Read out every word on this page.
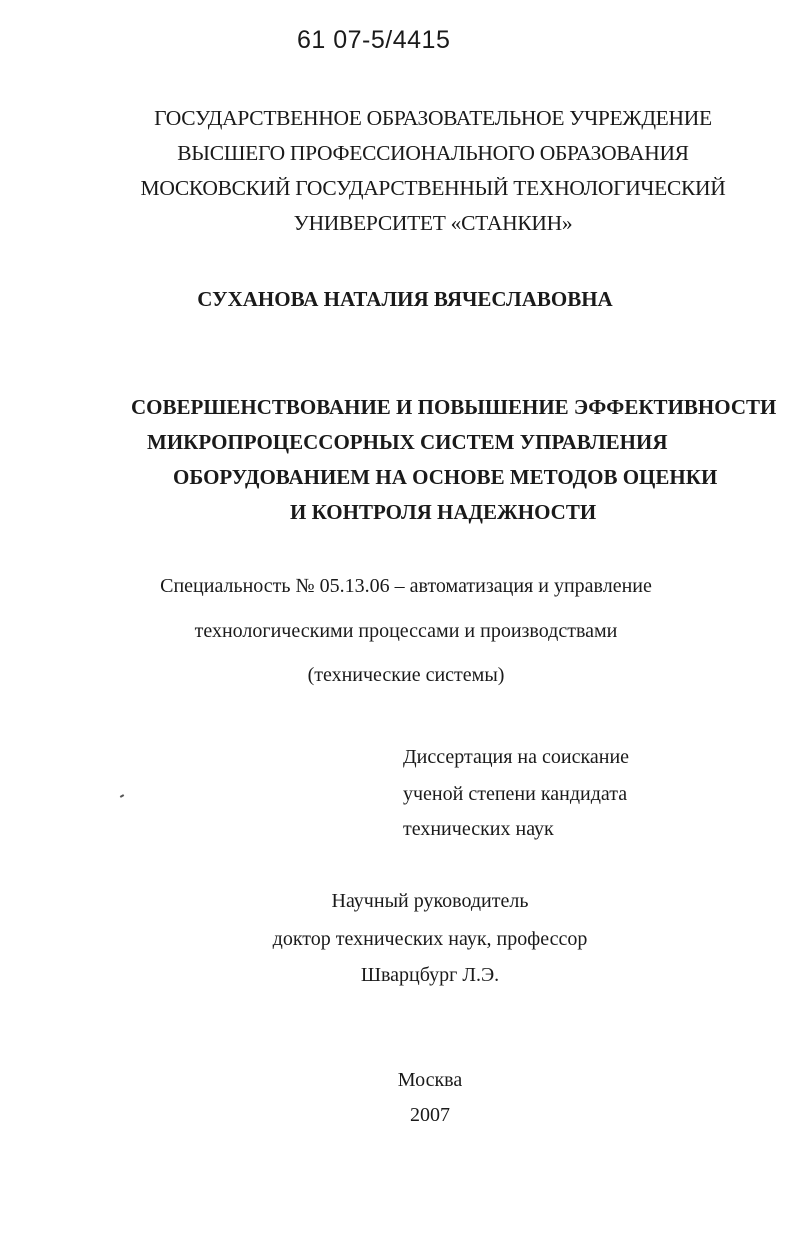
61 07-5/4415
ГОСУДАРСТВЕННОЕ ОБРАЗОВАТЕЛЬНОЕ УЧРЕЖДЕНИЕ
ВЫСШЕГО ПРОФЕССИОНАЛЬНОГО ОБРАЗОВАНИЯ
МОСКОВСКИЙ ГОСУДАРСТВЕННЫЙ ТЕХНОЛОГИЧЕСКИЙ
УНИВЕРСИТЕТ «СТАНКИН»
СУХАНОВА НАТАЛИЯ ВЯЧЕСЛАВОВНА
СОВЕРШЕНСТВОВАНИЕ И ПОВЫШЕНИЕ ЭФФЕКТИВНОСТИ
МИКРОПРОЦЕССОРНЫХ СИСТЕМ УПРАВЛЕНИЯ
ОБОРУДОВАНИЕМ НА ОСНОВЕ МЕТОДОВ ОЦЕНКИ
И КОНТРОЛЯ НАДЕЖНОСТИ
Специальность № 05.13.06 – автоматизация и управление
технологическими процессами и производствами
(технические системы)
Диссертация на соискание
ученой степени кандидата
технических наук
Научный руководитель
доктор технических наук, профессор
Шварцбург Л.Э.
Москва
2007
